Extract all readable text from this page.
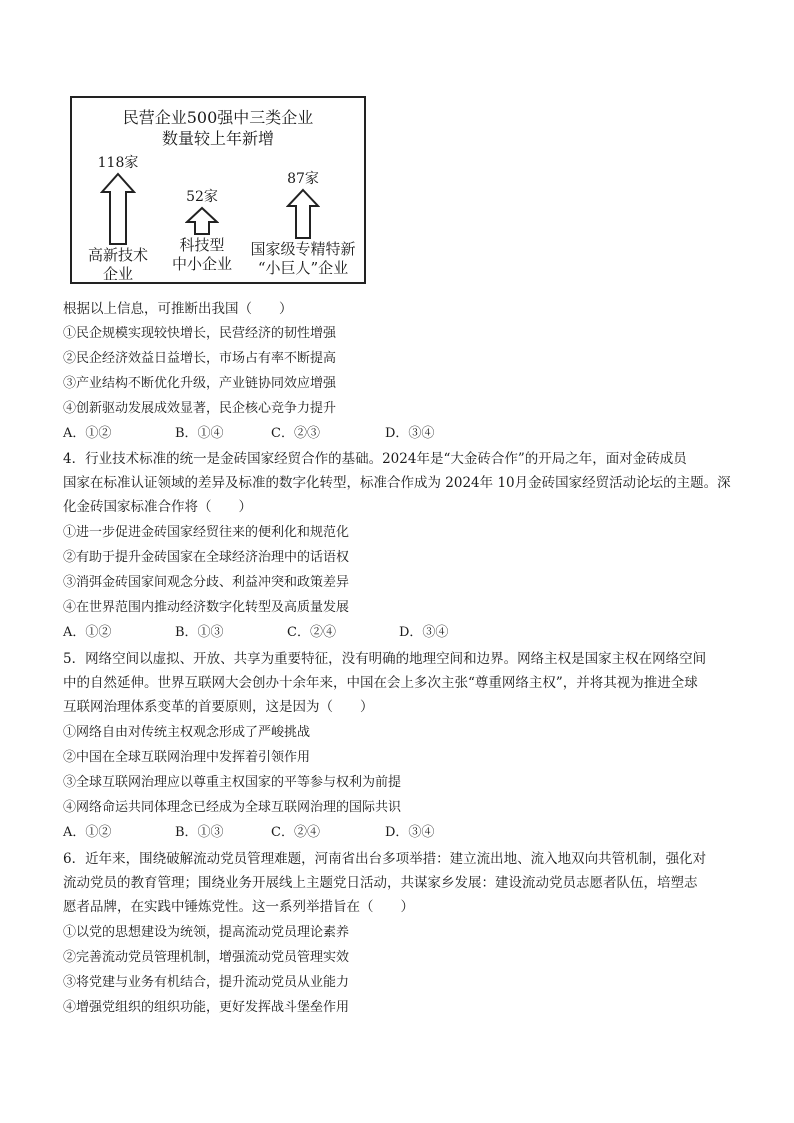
民营企业500强中三类企业
数量较上年新增
118家
高新技术
企业
52家
科技型
中小企业
87家
国家级专精特新
“小巨人”企业
根据以上信息，可推断出我国（　　）
①民企规模实现较快增长，民营经济的韧性增强
②民企经济效益日益增长，市场占有率不断提高
③产业结构不断优化升级，产业链协同效应增强
④创新驱动发展成效显著，民企核心竞争力提升
A．①②	B．①④	C．②③	D．③④
4．行业技术标准的统一是金砖国家经贸合作的基础。2024年是“大金砖合作”的开局之年，面对金砖成员
国家在标准认证领域的差异及标准的数字化转型，标准合作成为 2024年 10月金砖国家经贸活动论坛的主题。深
化金砖国家标准合作将（　　）
①进一步促进金砖国家经贸往来的便利化和规范化
②有助于提升金砖国家在全球经济治理中的话语权
③消弭金砖国家间观念分歧、利益冲突和政策差异
④在世界范围内推动经济数字化转型及高质量发展
A．①②	B．①③	C．②④	D．③④
5．网络空间以虚拟、开放、共享为重要特征，没有明确的地理空间和边界。网络主权是国家主权在网络空间
中的自然延伸。世界互联网大会创办十余年来，中国在会上多次主张“尊重网络主权”，并将其视为推进全球
互联网治理体系变革的首要原则，这是因为（　　）
①网络自由对传统主权观念形成了严峻挑战
②中国在全球互联网治理中发挥着引领作用
③全球互联网治理应以尊重主权国家的平等参与权利为前提
④网络命运共同体理念已经成为全球互联网治理的国际共识
A．①②	B．①③	C．②④	D．③④
6．近年来，围绕破解流动党员管理难题，河南省出台多项举措：建立流出地、流入地双向共管机制，强化对
流动党员的教育管理；围绕业务开展线上主题党日活动，共谋家乡发展：建设流动党员志愿者队伍，培塑志
愿者品牌，在实践中锤炼党性。这一系列举措旨在（　　）
①以党的思想建设为统领，提高流动党员理论素养
②完善流动党员管理机制，增强流动党员管理实效
③将党建与业务有机结合，提升流动党员从业能力
④增强党组织的组织功能，更好发挥战斗堡垒作用
